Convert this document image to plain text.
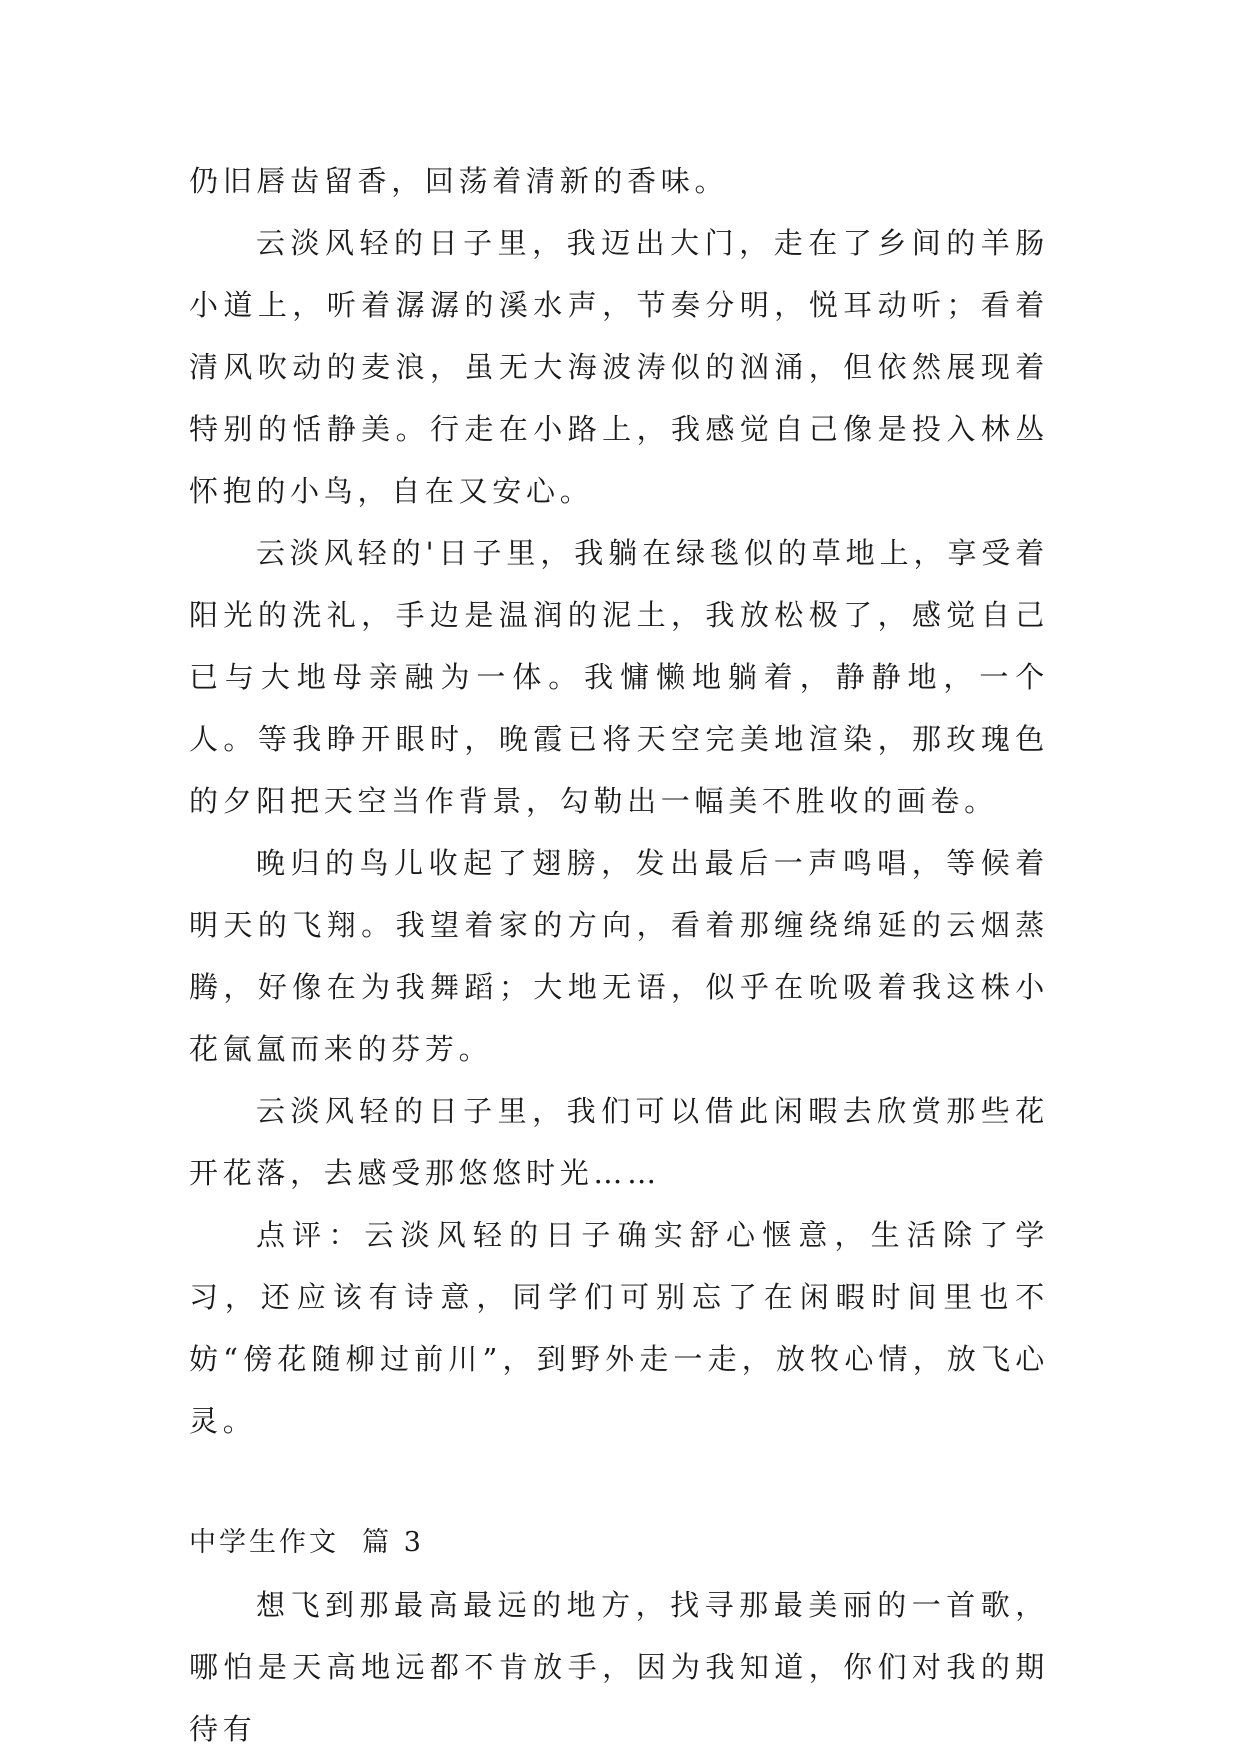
仍旧唇齿留香，回荡着清新的香味。

云淡风轻的日子里，我迈出大门，走在了乡间的羊肠小道上，听着潺潺的溪水声，节奏分明，悦耳动听；看着清风吹动的麦浪，虽无大海波涛似的汹涌，但依然展现着特别的恬静美。行走在小路上，我感觉自己像是投入林丛怀抱的小鸟，自在又安心。

云淡风轻的'日子里，我躺在绿毯似的草地上，享受着阳光的洗礼，手边是温润的泥土，我放松极了，感觉自己已与大地母亲融为一体。我慵懒地躺着，静静地，一个人。等我睁开眼时，晚霞已将天空完美地渲染，那玫瑰色的夕阳把天空当作背景，勾勒出一幅美不胜收的画卷。

晚归的鸟儿收起了翅膀，发出最后一声鸣唱，等候着明天的飞翔。我望着家的方向，看着那缠绕绵延的云烟蒸腾，好像在为我舞蹈；大地无语，似乎在吮吸着我这株小花氤氲而来的芬芳。

云淡风轻的日子里，我们可以借此闲暇去欣赏那些花开花落，去感受那悠悠时光……

点评：云淡风轻的日子确实舒心惬意，生活除了学习，还应该有诗意，同学们可别忘了在闲暇时间里也不妨“傍花随柳过前川”，到野外走一走，放牧心情，放飞心灵。

中学生作文  篇 3

想飞到那最高最远的地方，找寻那最美丽的一首歌，哪怕是天高地远都不肯放手，因为我知道，你们对我的期待有
